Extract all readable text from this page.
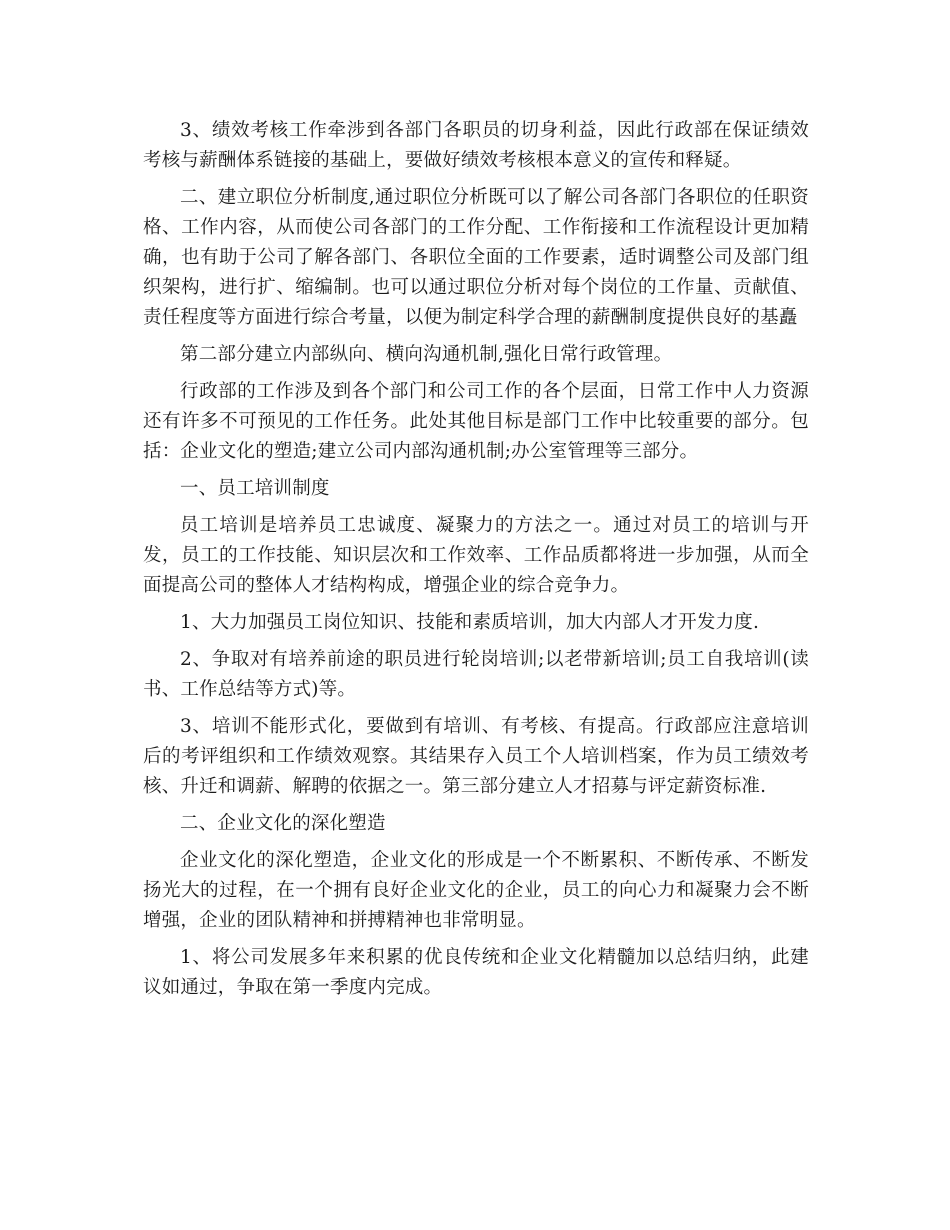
3、绩效考核工作牵涉到各部门各职员的切身利益，因此行政部在保证绩效考核与薪酬体系链接的基础上，要做好绩效考核根本意义的宣传和释疑。

二、建立职位分析制度,通过职位分析既可以了解公司各部门各职位的任职资格、工作内容，从而使公司各部门的工作分配、工作衔接和工作流程设计更加精确，也有助于公司了解各部门、各职位全面的工作要素，适时调整公司及部门组织架构，进行扩、缩编制。也可以通过职位分析对每个岗位的工作量、贡献值、责任程度等方面进行综合考量，以便为制定科学合理的薪酬制度提供良好的基矗

第二部分建立内部纵向、横向沟通机制,强化日常行政管理。

行政部的工作涉及到各个部门和公司工作的各个层面，日常工作中人力资源还有许多不可预见的工作任务。此处其他目标是部门工作中比较重要的部分。包括：企业文化的塑造;建立公司内部沟通机制;办公室管理等三部分。

一、员工培训制度

员工培训是培养员工忠诚度、凝聚力的方法之一。通过对员工的培训与开发，员工的工作技能、知识层次和工作效率、工作品质都将进一步加强，从而全面提高公司的整体人才结构构成，增强企业的综合竞争力。

1、大力加强员工岗位知识、技能和素质培训，加大内部人才开发力度.

2、争取对有培养前途的职员进行轮岗培训;以老带新培训;员工自我培训(读书、工作总结等方式)等。

3、培训不能形式化，要做到有培训、有考核、有提高。行政部应注意培训后的考评组织和工作绩效观察。其结果存入员工个人培训档案，作为员工绩效考核、升迁和调薪、解聘的依据之一。第三部分建立人才招募与评定薪资标准.

二、企业文化的深化塑造

企业文化的深化塑造，企业文化的形成是一个不断累积、不断传承、不断发扬光大的过程，在一个拥有良好企业文化的企业，员工的向心力和凝聚力会不断增强，企业的团队精神和拼搏精神也非常明显。

1、将公司发展多年来积累的优良传统和企业文化精髓加以总结归纳，此建议如通过，争取在第一季度内完成。
